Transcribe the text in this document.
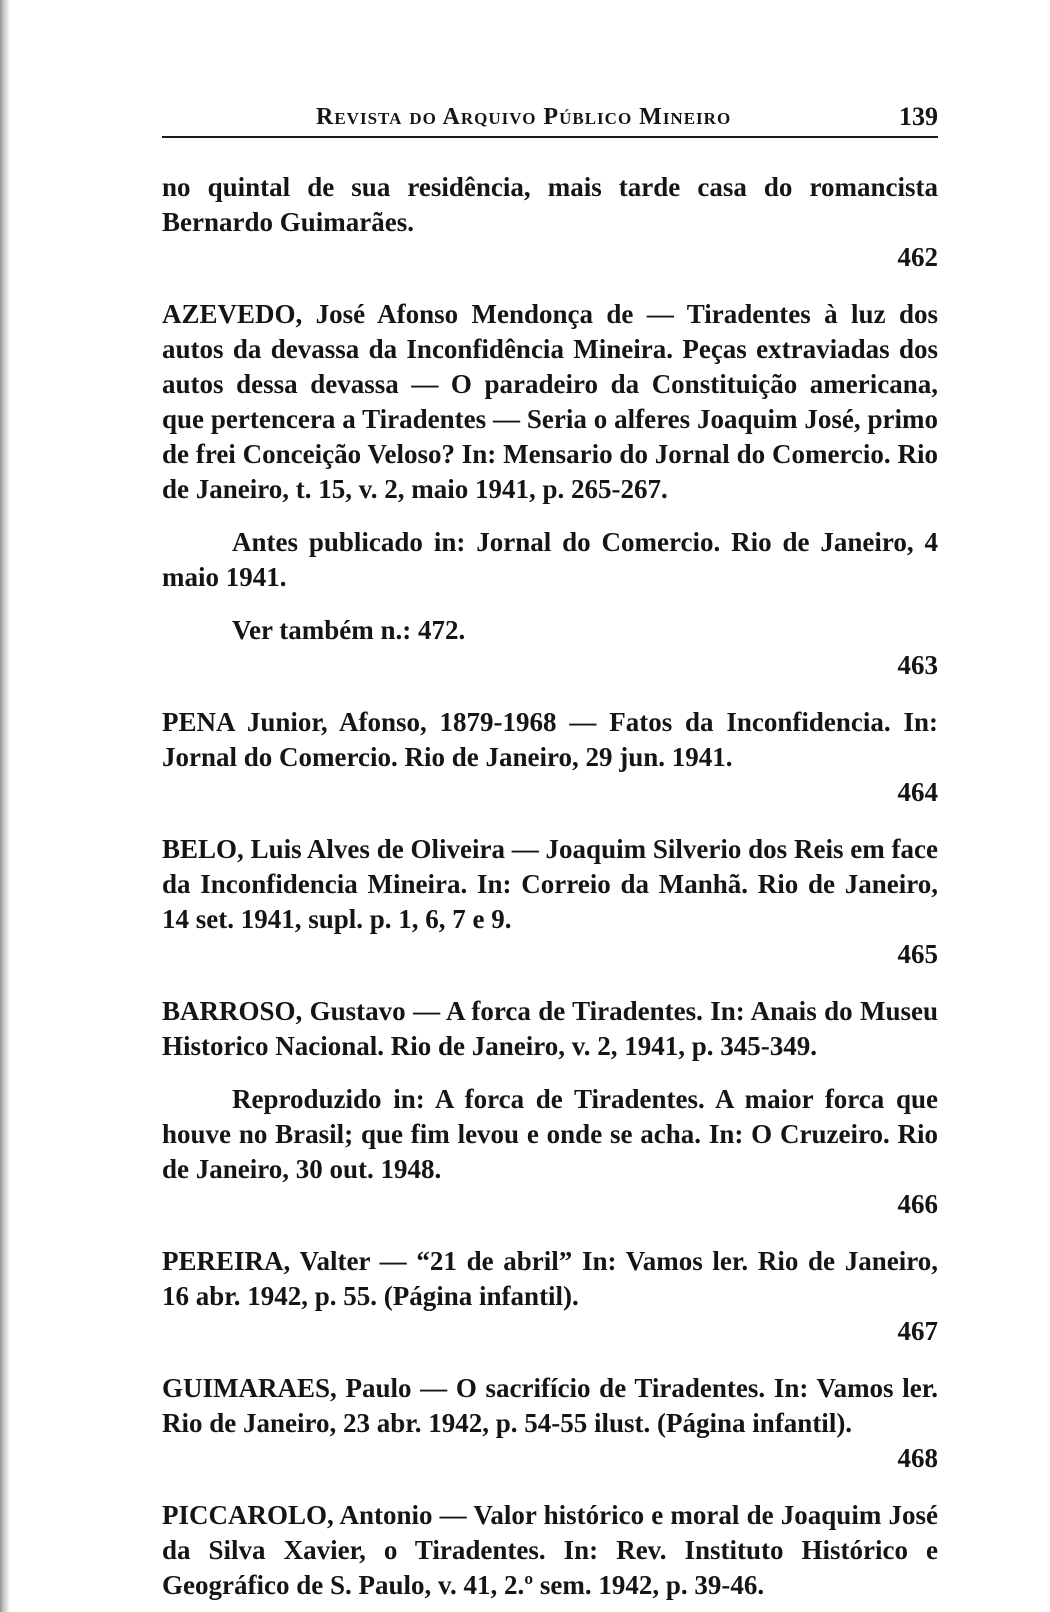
Revista do Arquivo Público Mineiro	139

no quintal de sua residência, mais tarde casa do romancista Bernardo Guimarães.

462

AZEVEDO, José Afonso Mendonça de — Tiradentes à luz dos autos da devassa da Inconfidência Mineira. Peças extraviadas dos autos dessa devassa — O paradeiro da Constituição americana, que pertencera a Tiradentes — Seria o alferes Joaquim José, primo de frei Conceição Veloso? In: Mensario do Jornal do Comercio. Rio de Janeiro, t. 15, v. 2, maio 1941, p. 265-267.

Antes publicado in: Jornal do Comercio. Rio de Janeiro, 4 maio 1941.

Ver também n.: 472.

463

PENA Junior, Afonso, 1879-1968 — Fatos da Inconfidencia. In: Jornal do Comercio. Rio de Janeiro, 29 jun. 1941.

464

BELO, Luis Alves de Oliveira — Joaquim Silverio dos Reis em face da Inconfidencia Mineira. In: Correio da Manhã. Rio de Janeiro, 14 set. 1941, supl. p. 1, 6, 7 e 9.

465

BARROSO, Gustavo — A forca de Tiradentes. In: Anais do Museu Historico Nacional. Rio de Janeiro, v. 2, 1941, p. 345-349.

Reproduzido in: A forca de Tiradentes. A maior forca que houve no Brasil; que fim levou e onde se acha. In: O Cruzeiro. Rio de Janeiro, 30 out. 1948.

466

PEREIRA, Valter — “21 de abril” In: Vamos ler. Rio de Janeiro, 16 abr. 1942, p. 55. (Página infantil).

467

GUIMARAES, Paulo — O sacrifício de Tiradentes. In: Vamos ler. Rio de Janeiro, 23 abr. 1942, p. 54-55 ilust. (Página infantil).

468

PICCAROLO, Antonio — Valor histórico e moral de Joaquim José da Silva Xavier, o Tiradentes. In: Rev. Instituto Histórico e Geográfico de S. Paulo, v. 41, 2.º sem. 1942, p. 39-46.
